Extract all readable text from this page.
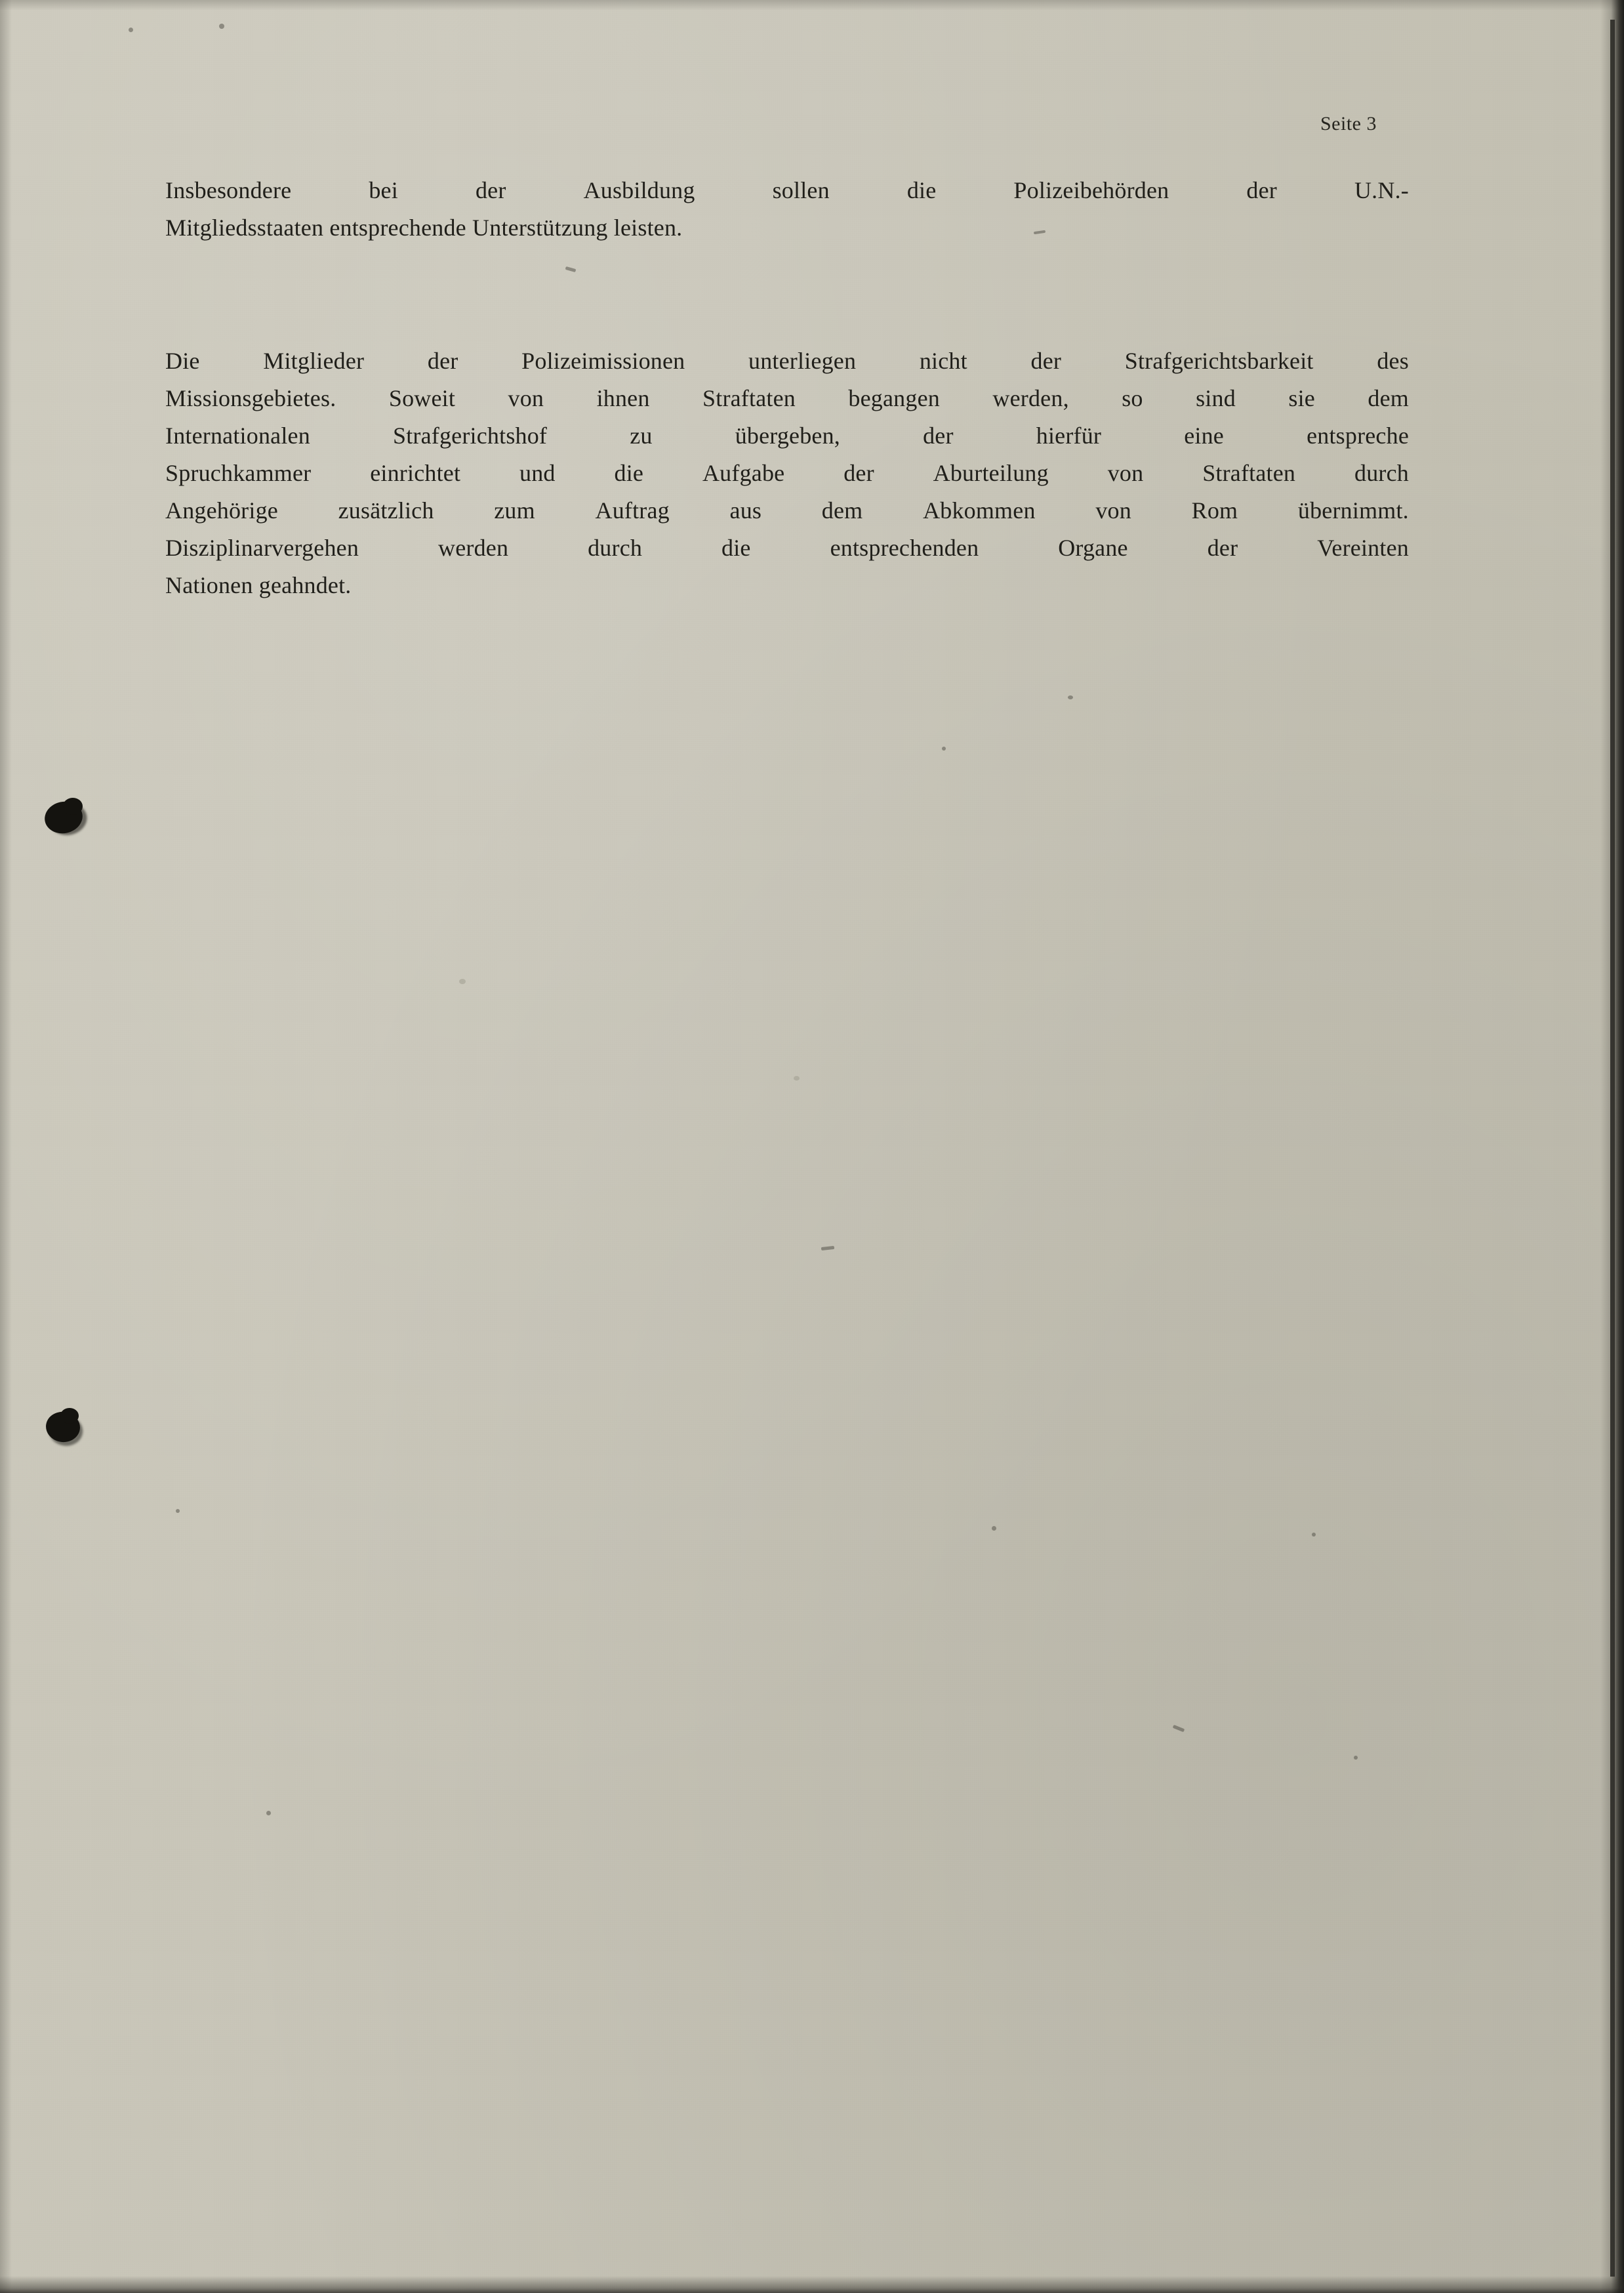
Seite 3
Insbesondere	bei	der	Ausbildung	sollen	die	Polizeibehörden	der	U.N.-
Mitgliedsstaaten entsprechende Unterstützung leisten.
Die	Mitglieder	der	Polizeimissionen	unterliegen	nicht	der	Strafgerichtsbarkeit	des
Missionsgebietes. Soweit von ihnen Straftaten begangen werden, so sind sie dem
Internationalen	Strafgerichtshof	zu	übergeben,	der	hierfür	eine	entspreche
Spruchkammer einrichtet und die Aufgabe der Aburteilung von Straftaten durch
Angehörige	zusätzlich	zum	Auftrag	aus	dem	Abkommen	von	Rom	übernimmt.
Disziplinarvergehen	werden	durch	die	entsprechenden	Organe	der	Vereinten
Nationen geahndet.
